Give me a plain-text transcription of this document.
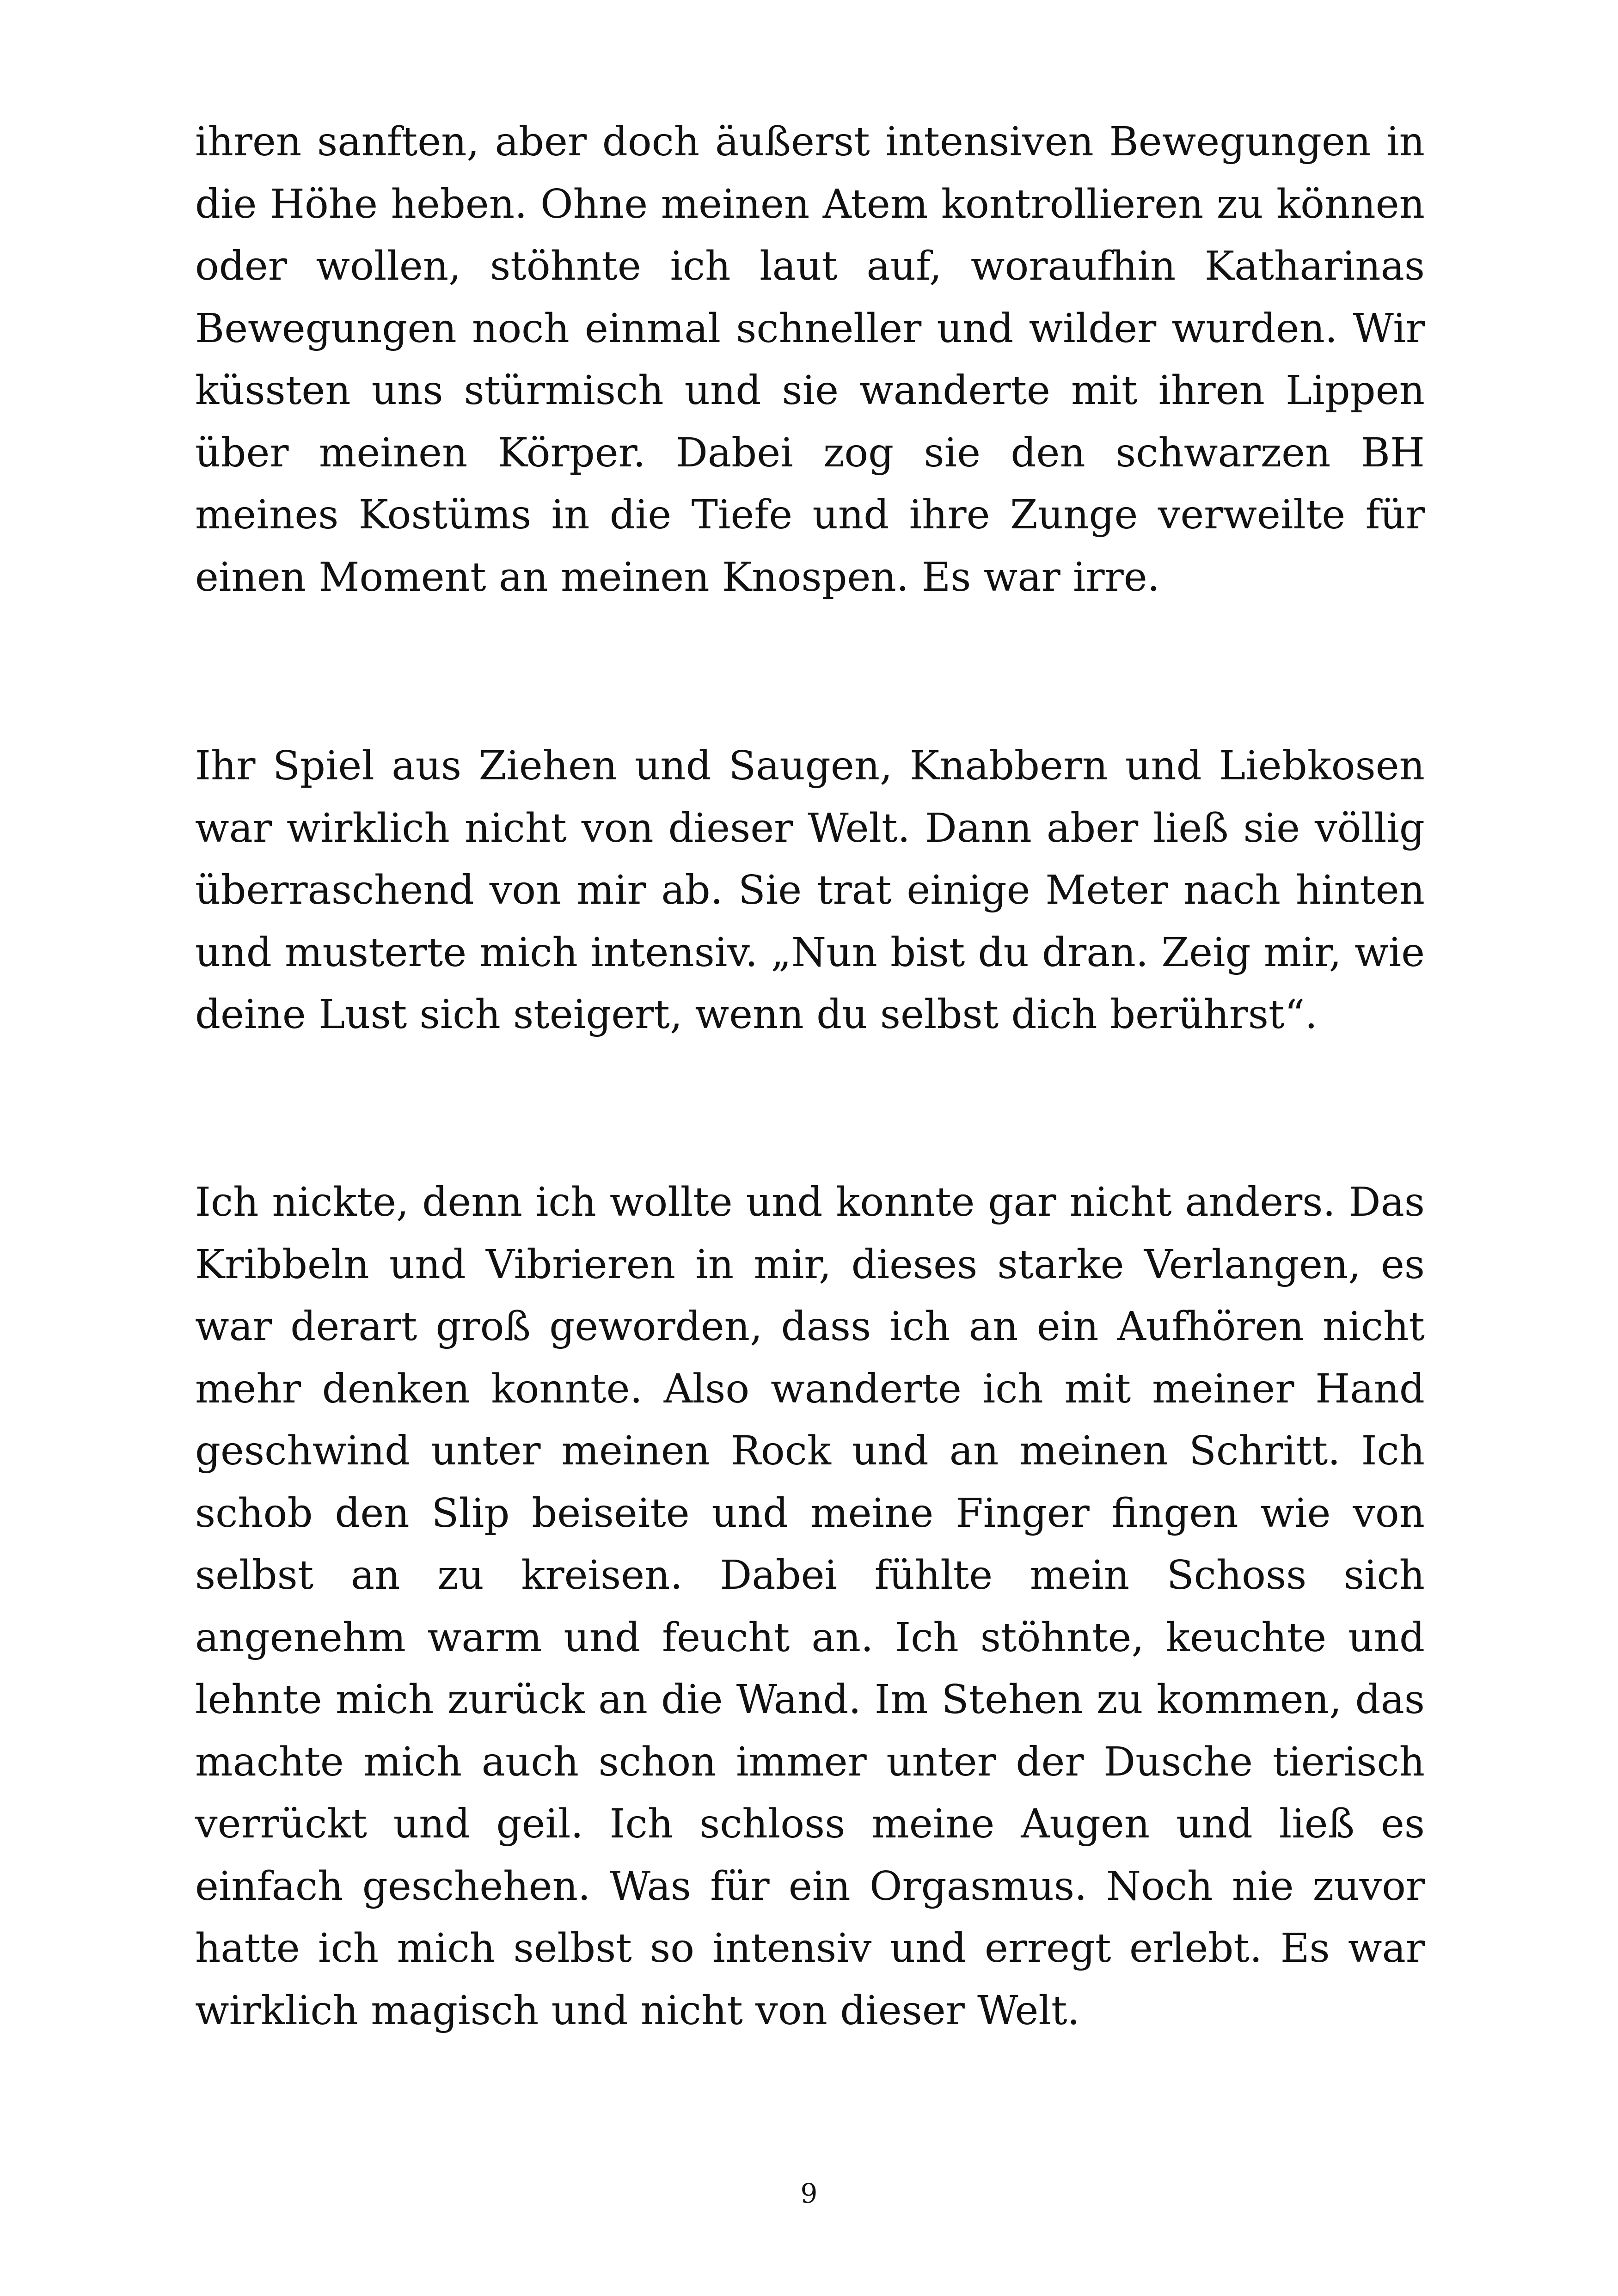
ihren sanften, aber doch äußerst intensiven Bewegungen in die Höhe heben. Ohne meinen Atem kontrollieren zu können oder wollen, stöhnte ich laut auf, woraufhin Katharinas Bewegungen noch einmal schneller und wilder wurden. Wir küssten uns stürmisch und sie wanderte mit ihren Lippen über meinen Körper. Dabei zog sie den schwarzen BH meines Kostüms in die Tiefe und ihre Zunge verweilte für einen Moment an meinen Knospen. Es war irre.

Ihr Spiel aus Ziehen und Saugen, Knabbern und Liebkosen war wirklich nicht von dieser Welt. Dann aber ließ sie völlig überraschend von mir ab. Sie trat einige Meter nach hinten und musterte mich intensiv. „Nun bist du dran. Zeig mir, wie deine Lust sich steigert, wenn du selbst dich berührst“.

Ich nickte, denn ich wollte und konnte gar nicht anders. Das Kribbeln und Vibrieren in mir, dieses starke Verlangen, es war derart groß geworden, dass ich an ein Aufhören nicht mehr denken konnte. Also wanderte ich mit meiner Hand geschwind unter meinen Rock und an meinen Schritt. Ich schob den Slip beiseite und meine Finger fingen wie von selbst an zu kreisen. Dabei fühlte mein Schoss sich angenehm warm und feucht an. Ich stöhnte, keuchte und lehnte mich zurück an die Wand. Im Stehen zu kommen, das machte mich auch schon immer unter der Dusche tierisch verrückt und geil. Ich schloss meine Augen und ließ es einfach geschehen. Was für ein Orgasmus. Noch nie zuvor hatte ich mich selbst so intensiv und erregt erlebt. Es war wirklich magisch und nicht von dieser Welt.

9
